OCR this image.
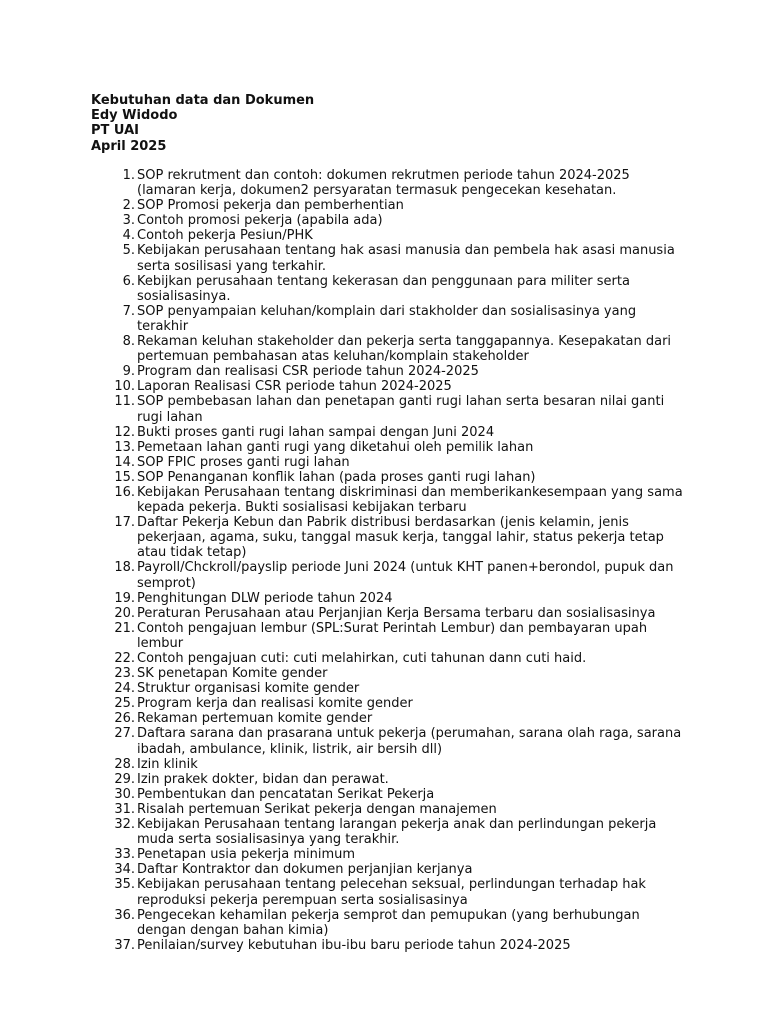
Kebutuhan data dan Dokumen
Edy Widodo
PT UAI
April 2025
1. SOP rekrutment dan contoh: dokumen rekrutmen periode tahun 2024-2025 (lamaran kerja, dokumen2 persyaratan termasuk pengecekan kesehatan.
2. SOP Promosi pekerja dan pemberhentian
3. Contoh promosi pekerja (apabila ada)
4. Contoh pekerja Pesiun/PHK
5. Kebijakan perusahaan tentang hak asasi manusia dan pembela hak asasi manusia serta sosilisasi yang terkahir.
6. Kebijkan perusahaan tentang kekerasan dan penggunaan para militer serta sosialisasinya.
7. SOP penyampaian keluhan/komplain dari stakholder dan sosialisasinya yang terakhir
8. Rekaman keluhan stakeholder dan pekerja serta tanggapannya. Kesepakatan dari pertemuan pembahasan atas keluhan/komplain stakeholder
9. Program dan realisasi CSR periode tahun 2024-2025
10. Laporan Realisasi CSR periode tahun 2024-2025
11. SOP pembebasan lahan dan penetapan ganti rugi lahan serta besaran nilai ganti rugi lahan
12. Bukti proses ganti rugi lahan sampai dengan Juni 2024
13. Pemetaan lahan ganti rugi yang diketahui oleh pemilik lahan
14. SOP FPIC proses ganti rugi lahan
15. SOP Penanganan konflik lahan (pada proses ganti rugi lahan)
16. Kebijakan Perusahaan tentang diskriminasi dan memberikankesempaan yang sama kepada pekerja. Bukti sosialisasi kebijakan terbaru
17. Daftar Pekerja Kebun dan Pabrik distribusi berdasarkan (jenis kelamin, jenis pekerjaan, agama, suku, tanggal masuk kerja, tanggal lahir, status pekerja tetap atau tidak tetap)
18. Payroll/Chckroll/payslip periode Juni 2024 (untuk KHT panen+berondol, pupuk dan semprot)
19. Penghitungan DLW periode tahun 2024
20. Peraturan Perusahaan atau Perjanjian Kerja Bersama terbaru dan sosialisasinya
21. Contoh pengajuan lembur (SPL:Surat Perintah Lembur) dan pembayaran upah lembur
22. Contoh pengajuan cuti: cuti melahirkan, cuti tahunan dann cuti haid.
23. SK penetapan Komite gender
24. Struktur organisasi komite gender
25. Program kerja dan realisasi komite gender
26. Rekaman pertemuan komite gender
27. Daftara sarana dan prasarana untuk pekerja (perumahan, sarana olah raga, sarana ibadah, ambulance, klinik, listrik, air bersih dll)
28. Izin klinik
29. Izin prakek dokter, bidan dan perawat.
30. Pembentukan dan pencatatan Serikat Pekerja
31. Risalah pertemuan Serikat pekerja dengan manajemen
32. Kebijakan Perusahaan tentang larangan pekerja anak dan perlindungan pekerja muda serta sosialisasinya yang terakhir.
33. Penetapan usia pekerja minimum
34. Daftar Kontraktor dan dokumen perjanjian kerjanya
35. Kebijakan perusahaan tentang pelecehan seksual, perlindungan terhadap hak reproduksi pekerja perempuan serta sosialisasinya
36. Pengecekan kehamilan pekerja semprot dan pemupukan (yang berhubungan dengan dengan bahan kimia)
37. Penilaian/survey kebutuhan ibu-ibu baru periode tahun 2024-2025
